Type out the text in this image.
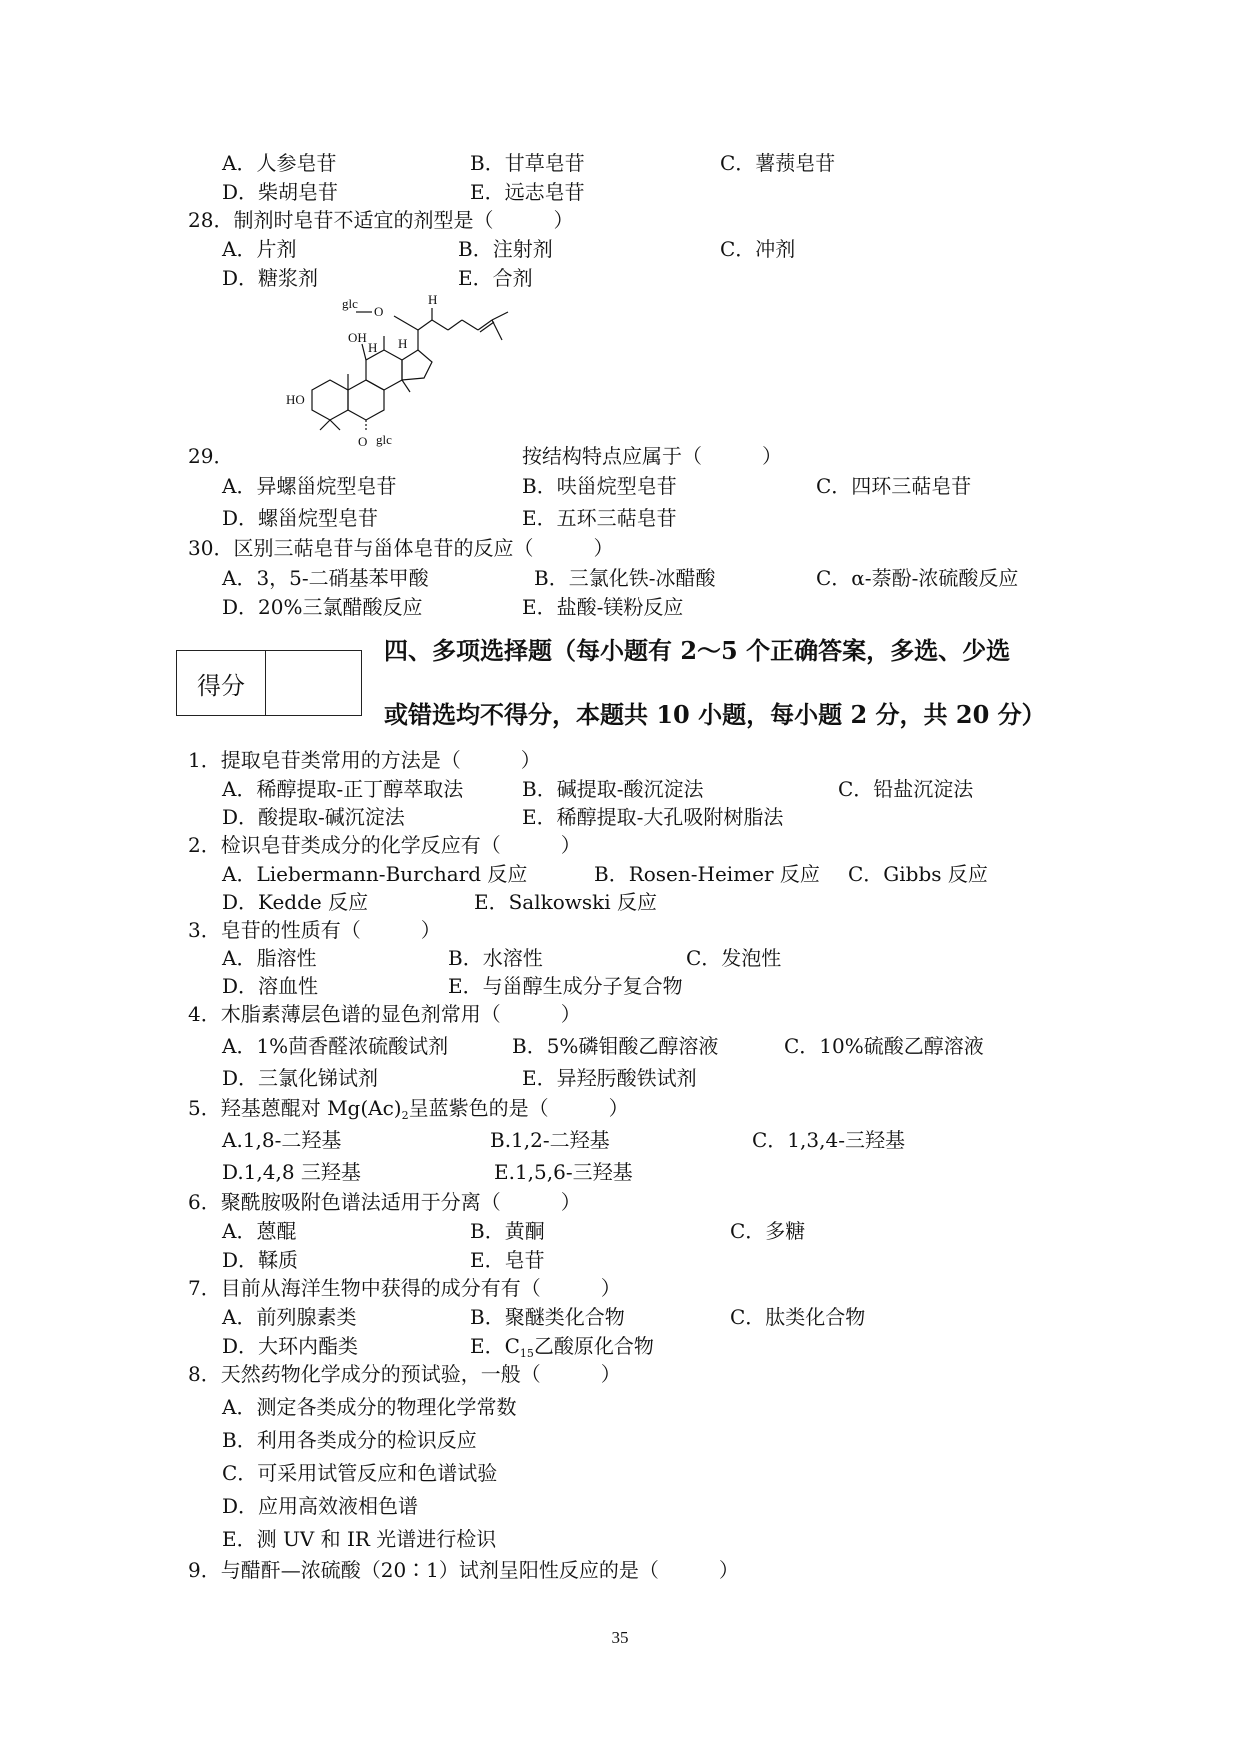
A．人参皂苷	B．甘草皂苷	C．薯蓣皂苷
D．柴胡皂苷	E．远志皂苷
28．制剂时皂苷不适宜的剂型是（　　　）
A．片剂	B．注射剂	C．冲剂
D．糖浆剂	E．合剂
glc
O
H
OH
H H
HO
O glc
29．	按结构特点应属于（　　　）
A．异螺甾烷型皂苷	B．呋甾烷型皂苷	C．四环三萜皂苷
D．螺甾烷型皂苷	E．五环三萜皂苷
30．区别三萜皂苷与甾体皂苷的反应（　　　）
A．3，5-二硝基苯甲酸	B．三氯化铁-冰醋酸	C．α-萘酚-浓硫酸反应
D．20%三氯醋酸反应	E．盐酸-镁粉反应
得分
四、多项选择题（每小题有 2～5 个正确答案，多选、少选
或错选均不得分，本题共 10 小题，每小题 2 分，共 20 分）
1．提取皂苷类常用的方法是（　　　）
A．稀醇提取-正丁醇萃取法	B．碱提取-酸沉淀法	C．铅盐沉淀法
D．酸提取-碱沉淀法	E．稀醇提取-大孔吸附树脂法
2．检识皂苷类成分的化学反应有（　　　）
A．Liebermann-Burchard 反应	B．Rosen-Heimer 反应 C．Gibbs 反应
D．Kedde 反应	E．Salkowski 反应
3．皂苷的性质有（　　　）
A．脂溶性	B．水溶性	C．发泡性
D．溶血性	E．与甾醇生成分子复合物
4．木脂素薄层色谱的显色剂常用（　　　）
A．1%茴香醛浓硫酸试剂	B．5%磷钼酸乙醇溶液	C．10%硫酸乙醇溶液
D．三氯化锑试剂	E．异羟肟酸铁试剂
5．羟基蒽醌对 $Mg(Ac)_2$呈蓝紫色的是（　　　）
A.1,8-二羟基	B.1,2-二羟基	C．1,3,4-三羟基
D.1,4,8 三羟基	E.1,5,6-三羟基
6．聚酰胺吸附色谱法适用于分离（　　　）
A．蒽醌	B．黄酮	C．多糖
D．鞣质	E．皂苷
7．目前从海洋生物中获得的成分有有（　　　）
A．前列腺素类	B．聚醚类化合物	C．肽类化合物
D．大环内酯类	E．$C_{15}$乙酸原化合物
8．天然药物化学成分的预试验，一般（　　　）
A．测定各类成分的物理化学常数
B．利用各类成分的检识反应
C．可采用试管反应和色谱试验
D．应用高效液相色谱
E．测 UV 和 IR 光谱进行检识
9．与醋酐—浓硫酸（20∶1）试剂呈阳性反应的是（　　　）
35
